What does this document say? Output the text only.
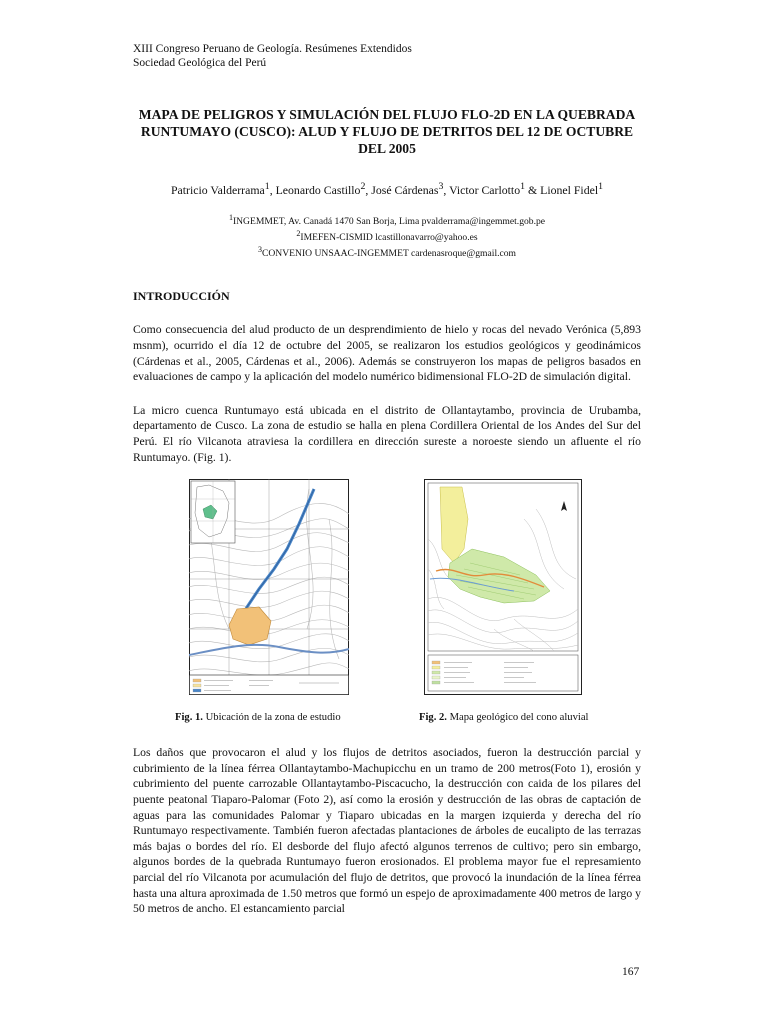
XIII Congreso Peruano de Geología. Resúmenes Extendidos
Sociedad Geológica del Perú
MAPA DE PELIGROS Y SIMULACIÓN DEL FLUJO FLO-2D EN LA QUEBRADA RUNTUMAYO (CUSCO): ALUD Y FLUJO DE DETRITOS DEL 12 DE OCTUBRE DEL 2005
Patricio Valderrama$^1$, Leonardo Castillo$^2$, José Cárdenas$^3$, Victor Carlotto$^1$ & Lionel Fidel$^1$
$^1$INGEMMET, Av. Canadá 1470 San Borja, Lima pvalderrama@ingemmet.gob.pe
$^2$IMEFEN-CISMID lcastillonavarro@yahoo.es
$^3$CONVENIO UNSAAC-INGEMMET cardenasroque@gmail.com
INTRODUCCIÓN

Como consecuencia del alud producto de un desprendimiento de hielo y rocas del nevado Verónica (5,893 msnm), ocurrido el día 12 de octubre del 2005, se realizaron los estudios geológicos y geodinámicos (Cárdenas et al., 2005, Cárdenas et al., 2006). Además se construyeron los mapas de peligros basados en evaluaciones de campo y la aplicación del modelo numérico bidimensional FLO-2D de simulación digital.

La micro cuenca Runtumayo está ubicada en el distrito de Ollantaytambo, provincia de Urubamba, departamento de Cusco. La zona de estudio se halla en plena Cordillera Oriental de los Andes del Sur del Perú. El río Vilcanota atraviesa la cordillera en dirección sureste a noroeste siendo un afluente el río Runtumayo. (Fig. 1).

Fig. 1. Ubicación de la zona de estudio	Fig. 2. Mapa geológico del cono aluvial

Los daños que provocaron el alud y los flujos de detritos asociados, fueron la destrucción parcial y cubrimiento de la línea férrea Ollantaytambo-Machupicchu en un tramo de 200 metros(Foto 1), erosión y cubrimiento del puente carrozable Ollantaytambo-Piscacucho, la destrucción con caida de los pilares del puente peatonal Tiaparo-Palomar (Foto 2), así como la erosión y destrucción de las obras de captación de aguas para las comunidades Palomar y Tiaparo ubicadas en la margen izquierda y derecha del río Runtumayo respectivamente. También fueron afectadas plantaciones de árboles de eucalipto de las terrazas más bajas o bordes del río. El desborde del flujo afectó algunos terrenos de cultivo; pero sin embargo, algunos bordes de la quebrada Runtumayo fueron erosionados. El problema mayor fue el represamiento parcial del río Vilcanota por acumulación del flujo de detritos, que provocó la inundación de la línea férrea hasta una altura aproximada de 1.50 metros que formó un espejo de aproximadamente 400 metros de largo y 50 metros de ancho. El estancamiento parcial

167
